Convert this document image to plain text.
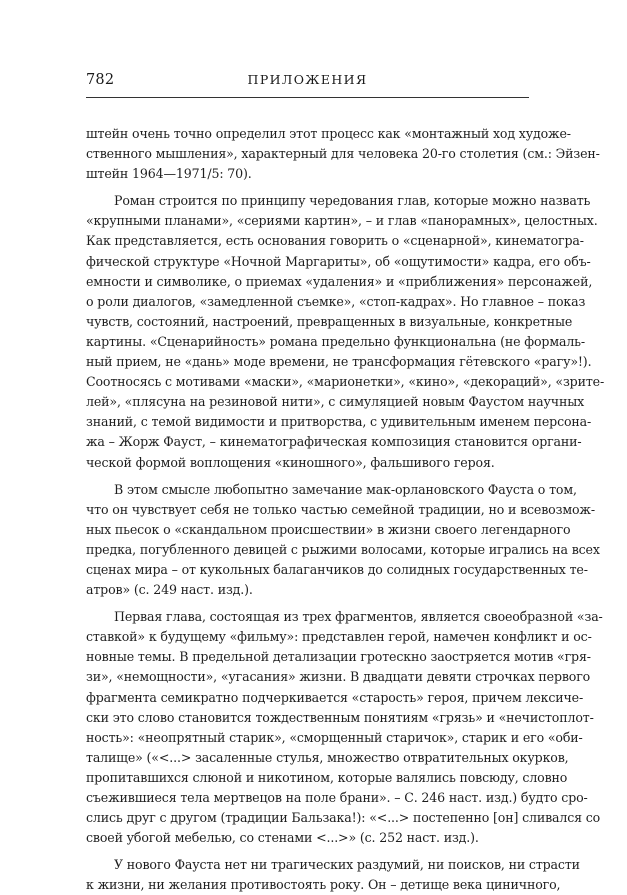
782	ПРИЛОЖЕНИЯ
штейн очень точно определил этот процесс как «монтажный ход художе-
ственного мышления», характерный для человека 20-го столетия (см.: Эйзен-
штейн 1964—1971/5: 70).
Роман строится по принципу чередования глав, которые можно назвать
«крупными планами», «сериями картин», – и глав «панорамных», целостных.
Как представляется, есть основания говорить о «сценарной», кинематогра-
фической структуре «Ночной Маргариты», об «ощутимости» кадра, его объ-
емности и символике, о приемах «удаления» и «приближения» персонажей,
о роли диалогов, «замедленной съемке», «стоп-кадрах». Но главное – показ
чувств, состояний, настроений, превращенных в визуальные, конкретные
картины. «Сценарийность» романа предельно функциональна (не формаль-
ный прием, не «дань» моде времени, не трансформация гётевского «рагу»!).
Соотносясь с мотивами «маски», «марионетки», «кино», «декораций», «зрите-
лей», «плясуна на резиновой нити», с симуляцией новым Фаустом научных
знаний, с темой видимости и притворства, с удивительным именем персона-
жа – Жорж Фауст, – кинематографическая композиция становится органи-
ческой формой воплощения «киношного», фальшивого героя.
В этом смысле любопытно замечание мак-орлановского Фауста о том,
что он чувствует себя не только частью семейной традиции, но и всевозмож-
ных пьесок о «скандальном происшествии» в жизни своего легендарного
предка, погубленного девицей с рыжими волосами, которые игрались на всех
сценах мира – от кукольных балаганчиков до солидных государственных те-
атров» (с. 249 наст. изд.).
Первая глава, состоящая из трех фрагментов, является своеобразной «за-
ставкой» к будущему «фильму»: представлен герой, намечен конфликт и ос-
новные темы. В предельной детализации гротескно заостряется мотив «гря-
зи», «немощности», «угасания» жизни. В двадцати девяти строчках первого
фрагмента семикратно подчеркивается «старость» героя, причем лексиче-
ски это слово становится тождественным понятиям «грязь» и «нечистоплот-
ность»: «неопрятный старик», «сморщенный старичок», старик и его «оби-
талище» («<...> засаленные стулья, множество отвратительных окурков,
пропитавшихся слюной и никотином, которые валялись повсюду, словно
съежившиеся тела мертвецов на поле брани». – С. 246 наст. изд.) будто сро-
слись друг с другом (традиции Бальзака!): «<...> постепенно [он] сливался со
своей убогой мебелью, со стенами <...>» (с. 252 наст. изд.).
У нового Фауста нет ни трагических раздумий, ни поисков, ни страсти
к жизни, ни желания противостоять року. Он – детище века циничного,
